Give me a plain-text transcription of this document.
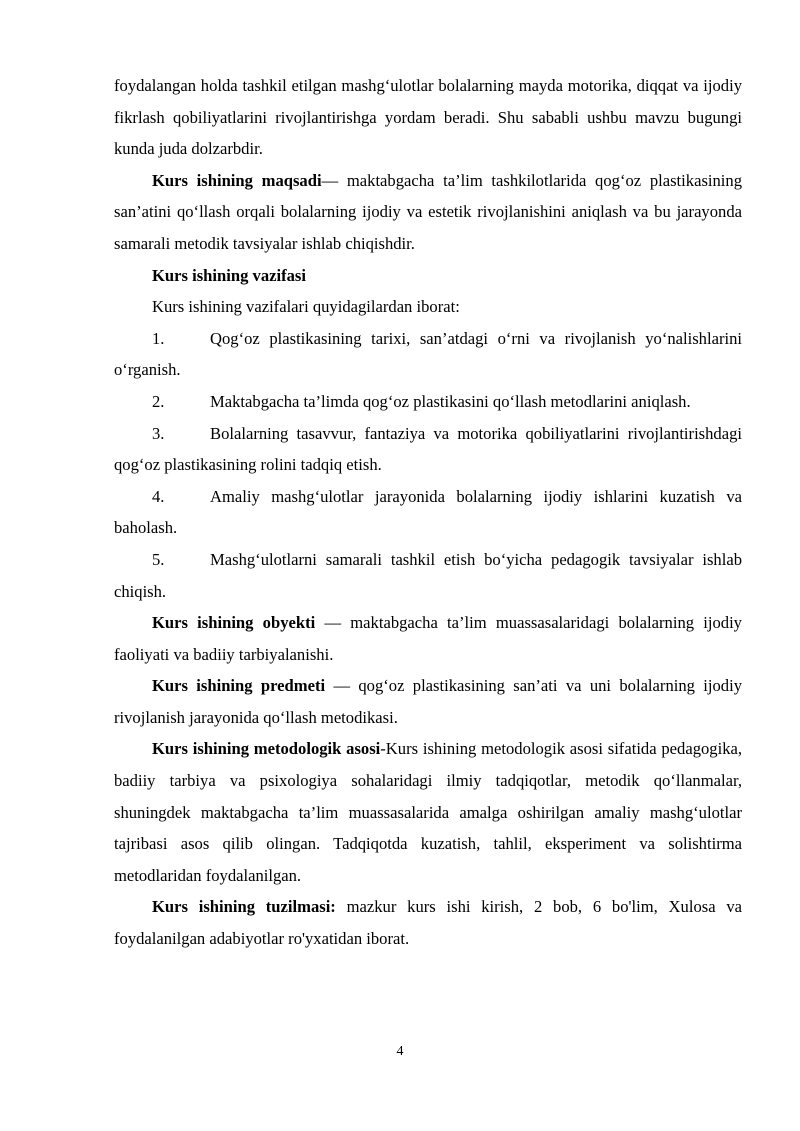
foydalangan holda tashkil etilgan mashg‘ulotlar bolalarning mayda motorika, diqqat va ijodiy fikrlash qobiliyatlarini rivojlantirishga yordam beradi. Shu sababli ushbu mavzu bugungi kunda juda dolzarbdir.

Kurs ishining maqsadi— maktabgacha ta’lim tashkilotlarida qog‘oz plastikasining san’atini qo‘llash orqali bolalarning ijodiy va estetik rivojlanishini aniqlash va bu jarayonda samarali metodik tavsiyalar ishlab chiqishdir.

Kurs ishining vazifasi

Kurs ishining vazifalari quyidagilardan iborat:

1.	Qog‘oz plastikasining tarixi, san’atdagi o‘rni va rivojlanish yo‘nalishlarini o‘rganish.

2.	Maktabgacha ta’limda qog‘oz plastikasini qo‘llash metodlarini aniqlash.

3.	Bolalarning tasavvur, fantaziya va motorika qobiliyatlarini rivojlantirishdagi qog‘oz plastikasining rolini tadqiq etish.

4.	Amaliy mashg‘ulotlar jarayonida bolalarning ijodiy ishlarini kuzatish va baholash.

5.	Mashg‘ulotlarni samarali tashkil etish bo‘yicha pedagogik tavsiyalar ishlab chiqish.

Kurs ishining obyekti — maktabgacha ta’lim muassasalaridagi bolalarning ijodiy faoliyati va badiiy tarbiyalanishi.

Kurs ishining predmeti — qog‘oz plastikasining san’ati va uni bolalarning ijodiy rivojlanish jarayonida qo‘llash metodikasi.

Kurs ishining metodologik asosi-Kurs ishining metodologik asosi sifatida pedagogika, badiiy tarbiya va psixologiya sohalaridagi ilmiy tadqiqotlar, metodik qo‘llanmalar, shuningdek maktabgacha ta’lim muassasalarida amalga oshirilgan amaliy mashg‘ulotlar tajribasi asos qilib olingan. Tadqiqotda kuzatish, tahlil, eksperiment va solishtirma metodlaridan foydalanilgan.

Kurs ishining tuzilmasi: mazkur kurs ishi kirish, 2 bob, 6 bo'lim, Xulosa va foydalanilgan adabiyotlar ro'yxatidan iborat.

4
